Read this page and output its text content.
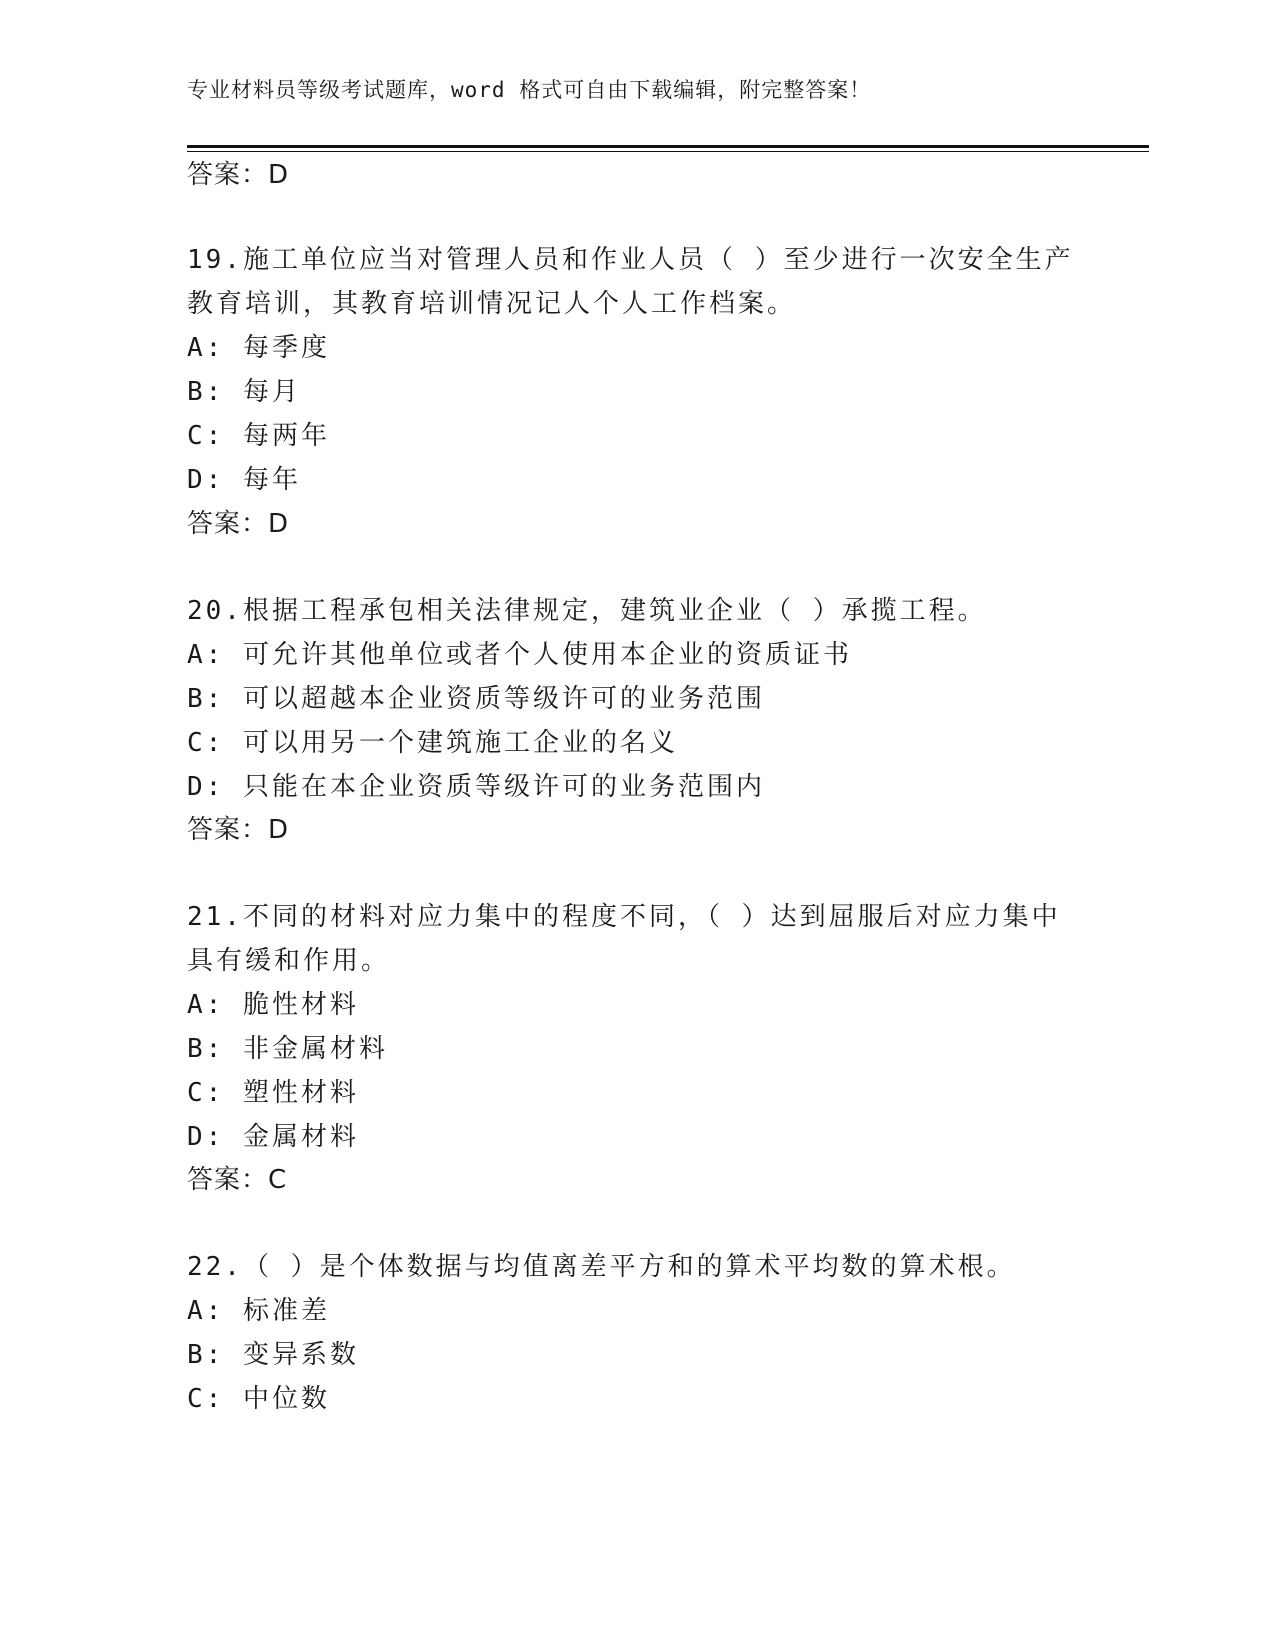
专业材料员等级考试题库，word 格式可自由下载编辑，附完整答案！
答案：D
19.施工单位应当对管理人员和作业人员（ ）至少进行一次安全生产
教育培训，其教育培训情况记人个人工作档案。
A: 每季度
B: 每月
C: 每两年
D: 每年
答案：D
20.根据工程承包相关法律规定，建筑业企业（ ）承揽工程。
A: 可允许其他单位或者个人使用本企业的资质证书
B: 可以超越本企业资质等级许可的业务范围
C: 可以用另一个建筑施工企业的名义
D: 只能在本企业资质等级许可的业务范围内
答案：D
21.不同的材料对应力集中的程度不同，（ ）达到屈服后对应力集中
具有缓和作用。
A: 脆性材料
B: 非金属材料
C: 塑性材料
D: 金属材料
答案：C
22.（ ）是个体数据与均值离差平方和的算术平均数的算术根。
A: 标准差
B: 变异系数
C: 中位数
